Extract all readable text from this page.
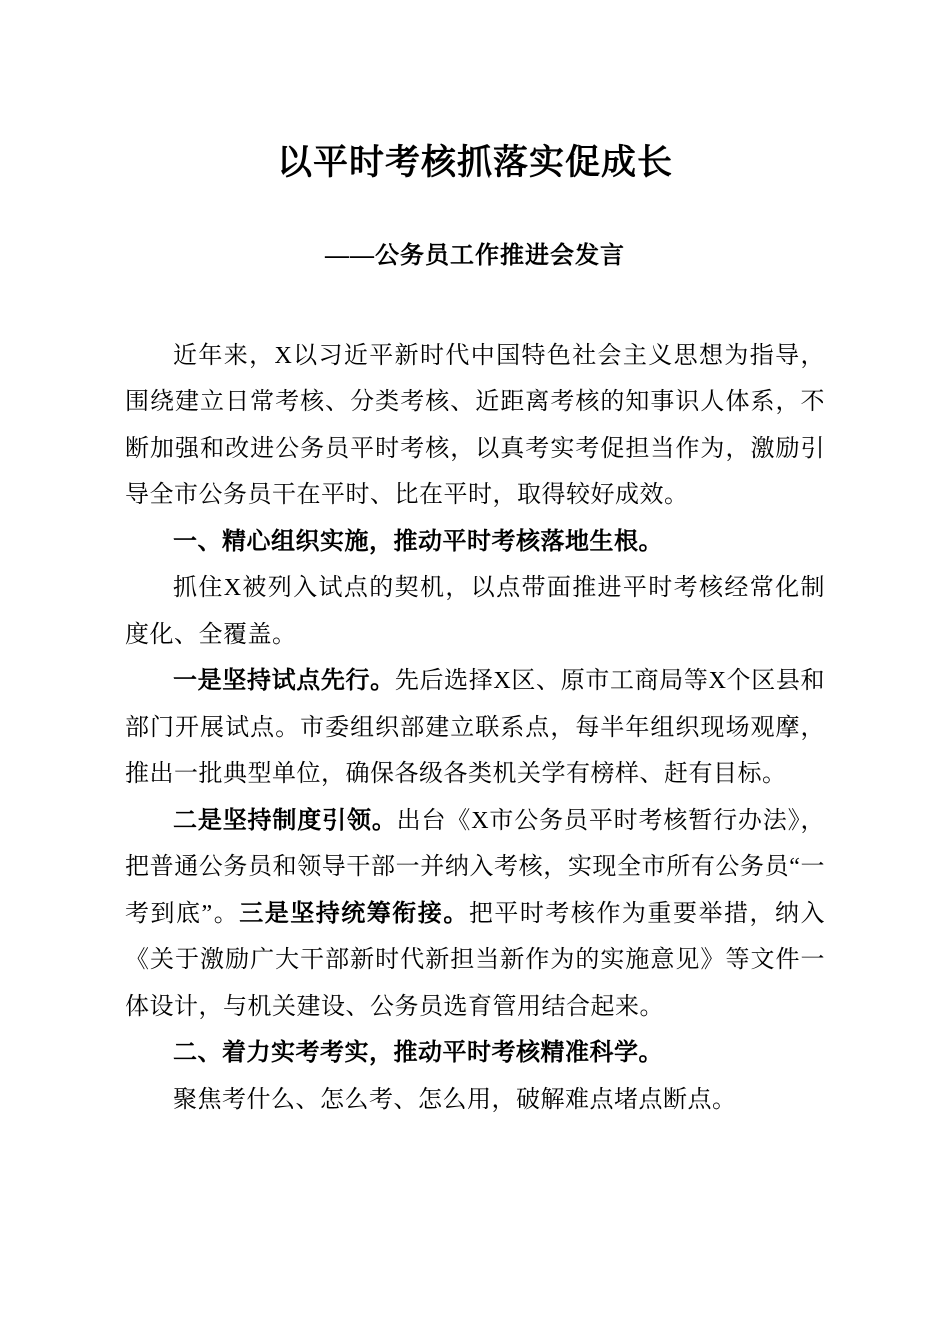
以平时考核抓落实促成长
——公务员工作推进会发言

近年来，X以习近平新时代中国特色社会主义思想为指导，围绕建立日常考核、分类考核、近距离考核的知事识人体系，不断加强和改进公务员平时考核，以真考实考促担当作为，激励引导全市公务员干在平时、比在平时，取得较好成效。

一、精心组织实施，推动平时考核落地生根。

抓住X被列入试点的契机，以点带面推进平时考核经常化制度化、全覆盖。

一是坚持试点先行。先后选择X区、原市工商局等X个区县和部门开展试点。市委组织部建立联系点，每半年组织现场观摩，推出一批典型单位，确保各级各类机关学有榜样、赶有目标。

二是坚持制度引领。出台《X市公务员平时考核暂行办法》，把普通公务员和领导干部一并纳入考核，实现全市所有公务员“一考到底”。三是坚持统筹衔接。把平时考核作为重要举措，纳入《关于激励广大干部新时代新担当新作为的实施意见》等文件一体设计，与机关建设、公务员选育管用结合起来。

二、着力实考考实，推动平时考核精准科学。

聚焦考什么、怎么考、怎么用，破解难点堵点断点。
